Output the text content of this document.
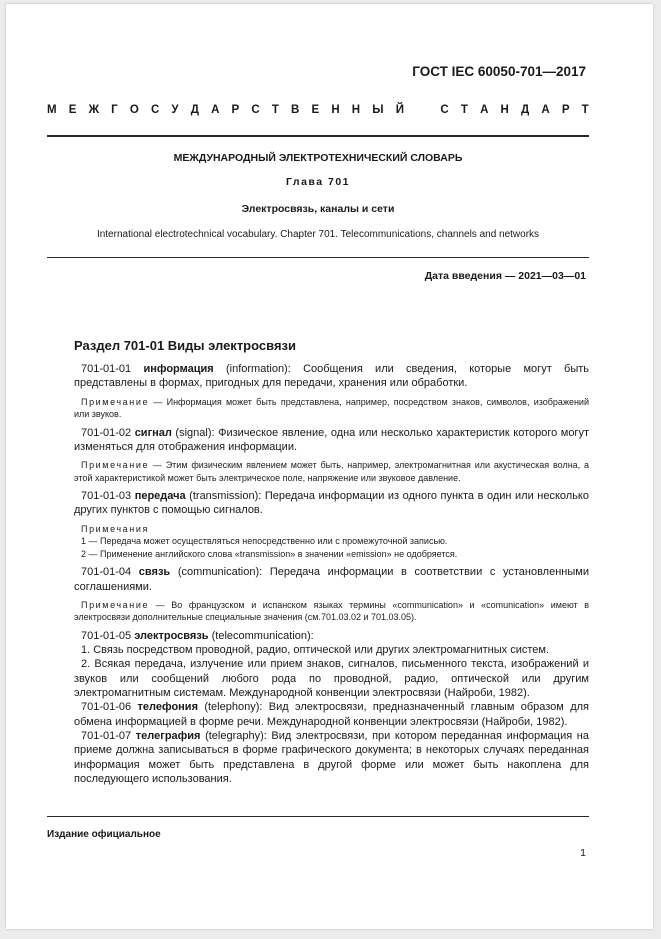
ГОСТ IEC 60050-701—2017
М Е Ж Г О С У Д А Р С Т В Е Н Н Ы Й	С Т А Н Д А Р Т
МЕЖДУНАРОДНЫЙ ЭЛЕКТРОТЕХНИЧЕСКИЙ СЛОВАРЬ
Глава 701
Электросвязь, каналы и сети
International electrotechnical vocabulary. Chapter 701. Telecommunications, channels and networks
Дата введения — 2021—03—01
Раздел 701-01 Виды электросвязи

701-01-01 информация (information): Сообщения или сведения, которые могут быть представлены в формах, пригодных для передачи, хранения или обработки.

Примечание — Информация может быть представлена, например, посредством знаков, символов, изображений или звуков.

701-01-02 сигнал (signal): Физическое явление, одна или несколько характеристик которого могут изменяться для отображения информации.

Примечание — Этим физическим явлением может быть, например, электромагнитная или акустическая волна, а этой характеристикой может быть электрическое поле, напряжение или звуковое давление.

701-01-03 передача (transmission): Передача информации из одного пункта в один или несколько других пунктов с помощью сигналов.

Примечания

1 — Передача может осуществляться непосредственно или с промежуточной записью.

2 — Применение английского слова «transmission» в значении «emission» не одобряется.

701-01-04 связь (communication): Передача информации в соответствии с установленными соглашениями.

Примечание — Во французском и испанском языках термины «communication» и «comunication» имеют в электросвязи дополнительные специальные значения (см.701.03.02 и 701.03.05).

701-01-05 электросвязь (telecommunication):

1. Связь посредством проводной, радио, оптической или других электромагнитных систем.

2. Всякая передача, излучение или прием знаков, сигналов, письменного текста, изображений и звуков или сообщений любого рода по проводной, радио, оптической или другим электромагнитным системам. Международной конвенции электросвязи (Найроби, 1982).

701-01-06 телефония (telephony): Вид электросвязи, предназначенный главным образом для обмена информацией в форме речи. Международной конвенции электросвязи (Найроби, 1982).

701-01-07 телеграфия (telegraphy): Вид электросвязи, при котором переданная информация на приеме должна записываться в форме графического документа; в некоторых случаях переданная информация может быть представлена в другой форме или может быть накоплена для последующего использования.

Издание официальное
1
